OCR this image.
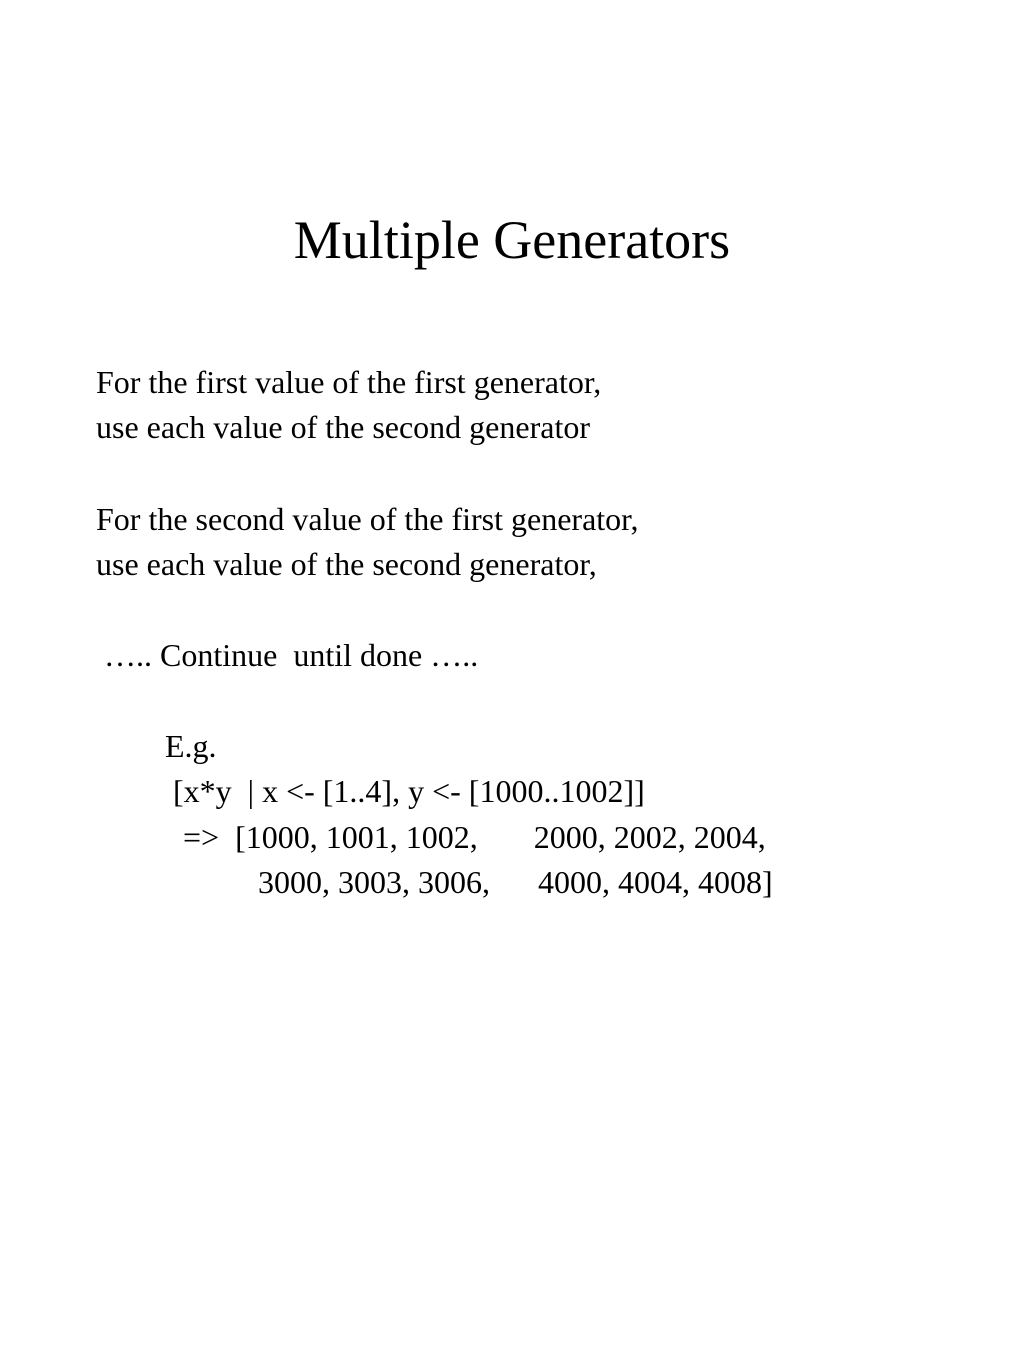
Multiple Generators
For the first value of the first generator,
use each value of the second generator
For the second value of the first generator,
use each value of the second generator,
….. Continue  until done …..
E.g.
[x*y  | x <- [1..4], y <- [1000..1002]]
=>  [1000, 1001, 1002,       2000, 2002, 2004,
3000, 3003, 3006,      4000, 4004, 4008]
